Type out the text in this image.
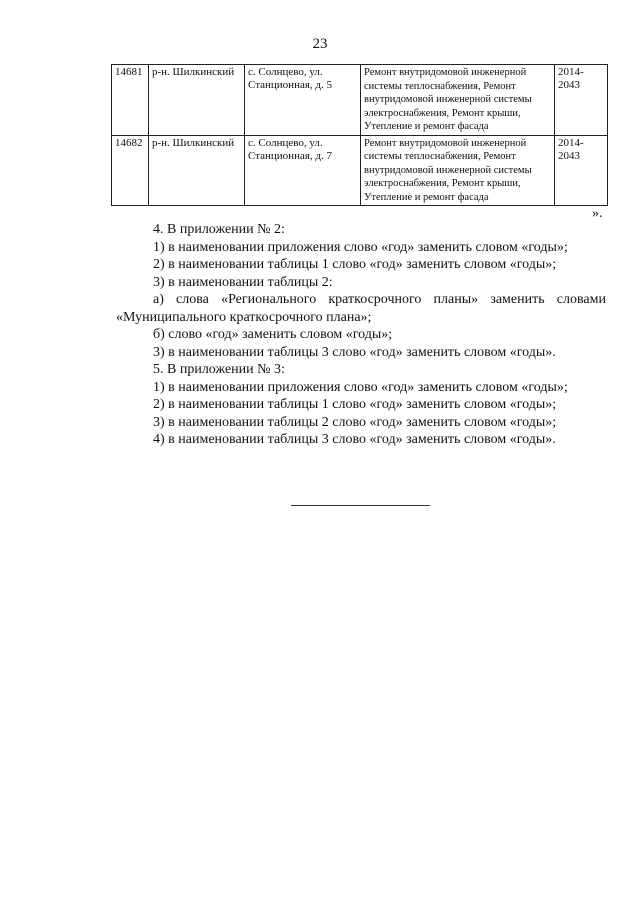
23
14681	р-н. Шилкинский	с. Солнцево, ул. Станционная, д. 5	Ремонт внутридомовой инженерной системы теплоснабжения, Ремонт внутридомовой инженерной системы электроснабжения, Ремонт крыши, Утепление и ремонт фасада	2014-2043
14682	р-н. Шилкинский	с. Солнцево, ул. Станционная, д. 7	Ремонт внутридомовой инженерной системы теплоснабжения, Ремонт внутридомовой инженерной системы электроснабжения, Ремонт крыши, Утепление и ремонт фасада	2014-2043
».
4. В приложении № 2:
1) в наименовании приложения слово «год» заменить словом «годы»;
2) в наименовании таблицы 1 слово «год» заменить словом «годы»;
3) в наименовании таблицы 2:
а) слова «Регионального краткосрочного планы» заменить словами
«Муниципального краткосрочного плана»;
б) слово «год» заменить словом «годы»;
3) в наименовании таблицы 3 слово «год» заменить словом «годы».
5. В приложении № 3:
1) в наименовании приложения слово «год» заменить словом «годы»;
2) в наименовании таблицы 1 слово «год» заменить словом «годы»;
3) в наименовании таблицы 2 слово «год» заменить словом «годы»;
4) в наименовании таблицы 3 слово «год» заменить словом «годы».
